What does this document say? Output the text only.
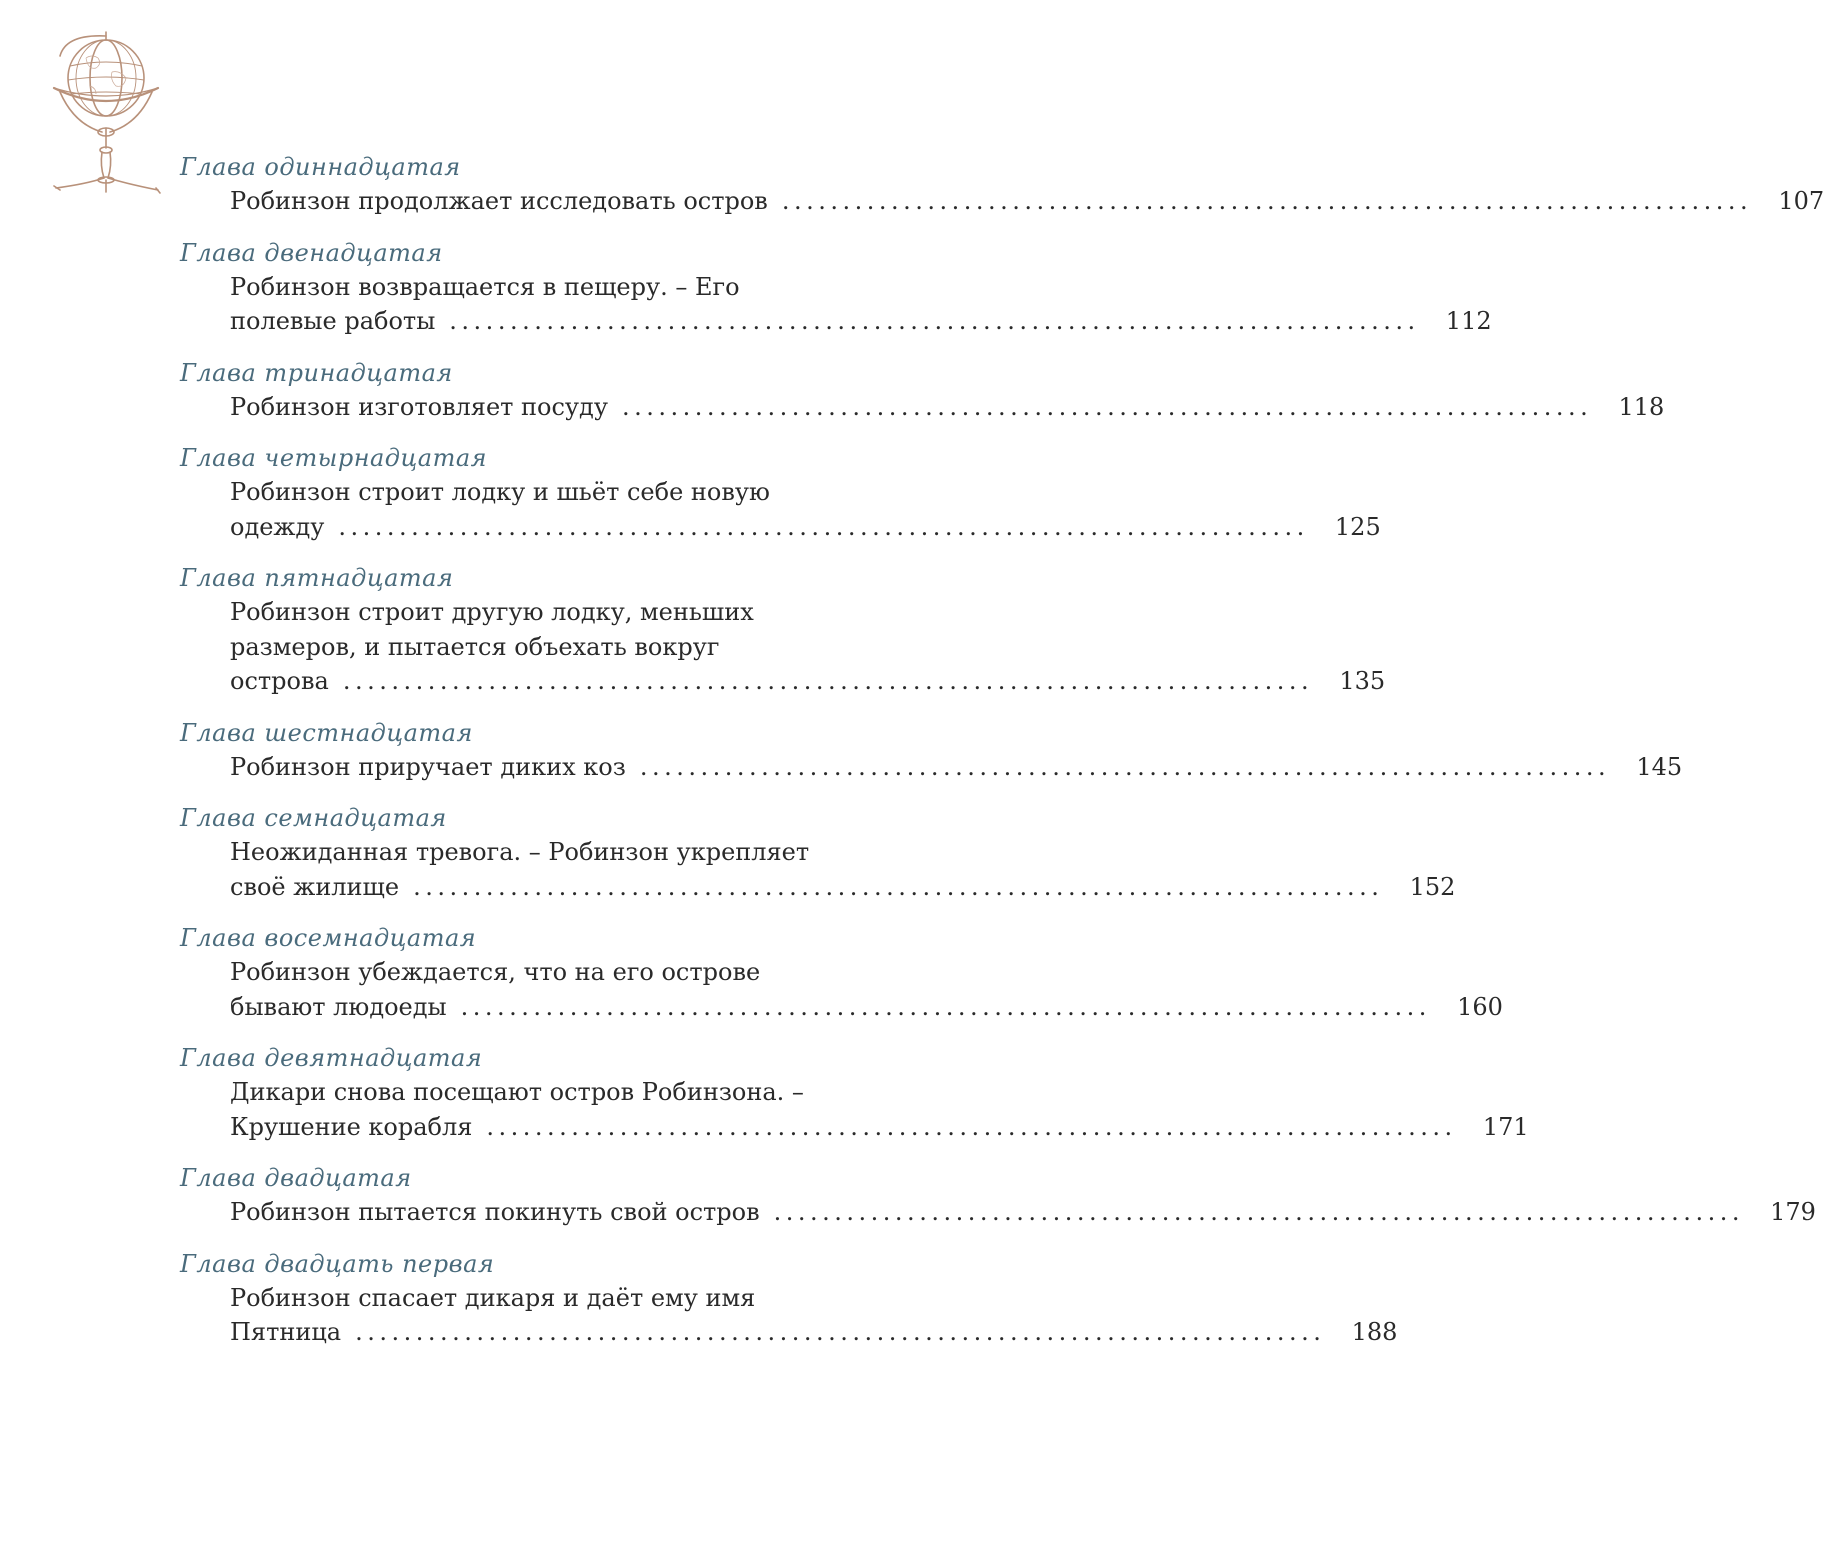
Глава одиннадцатая
Робинзон продолжает исследовать остров ................................................................................	107
Глава двенадцатая
Робинзон возвращается в пещеру. – Его
полевые работы ................................................................................	112
Глава тринадцатая
Робинзон изготовляет посуду ................................................................................	118
Глава четырнадцатая
Робинзон строит лодку и шьёт себе новую
одежду ................................................................................	125
Глава пятнадцатая
Робинзон строит другую лодку, меньших
размеров, и пытается объехать вокруг
острова ................................................................................	135
Глава шестнадцатая
Робинзон приручает диких коз ................................................................................	145
Глава семнадцатая
Неожиданная тревога. – Робинзон укрепляет
своё жилище ................................................................................	152
Глава восемнадцатая
Робинзон убеждается, что на его острове
бывают людоеды ................................................................................	160
Глава девятнадцатая
Дикари снова посещают остров Робинзона. –
Крушение корабля ................................................................................	171
Глава двадцатая
Робинзон пытается покинуть свой остров ................................................................................	179
Глава двадцать первая
Робинзон спасает дикаря и даёт ему имя
Пятница ................................................................................	188
